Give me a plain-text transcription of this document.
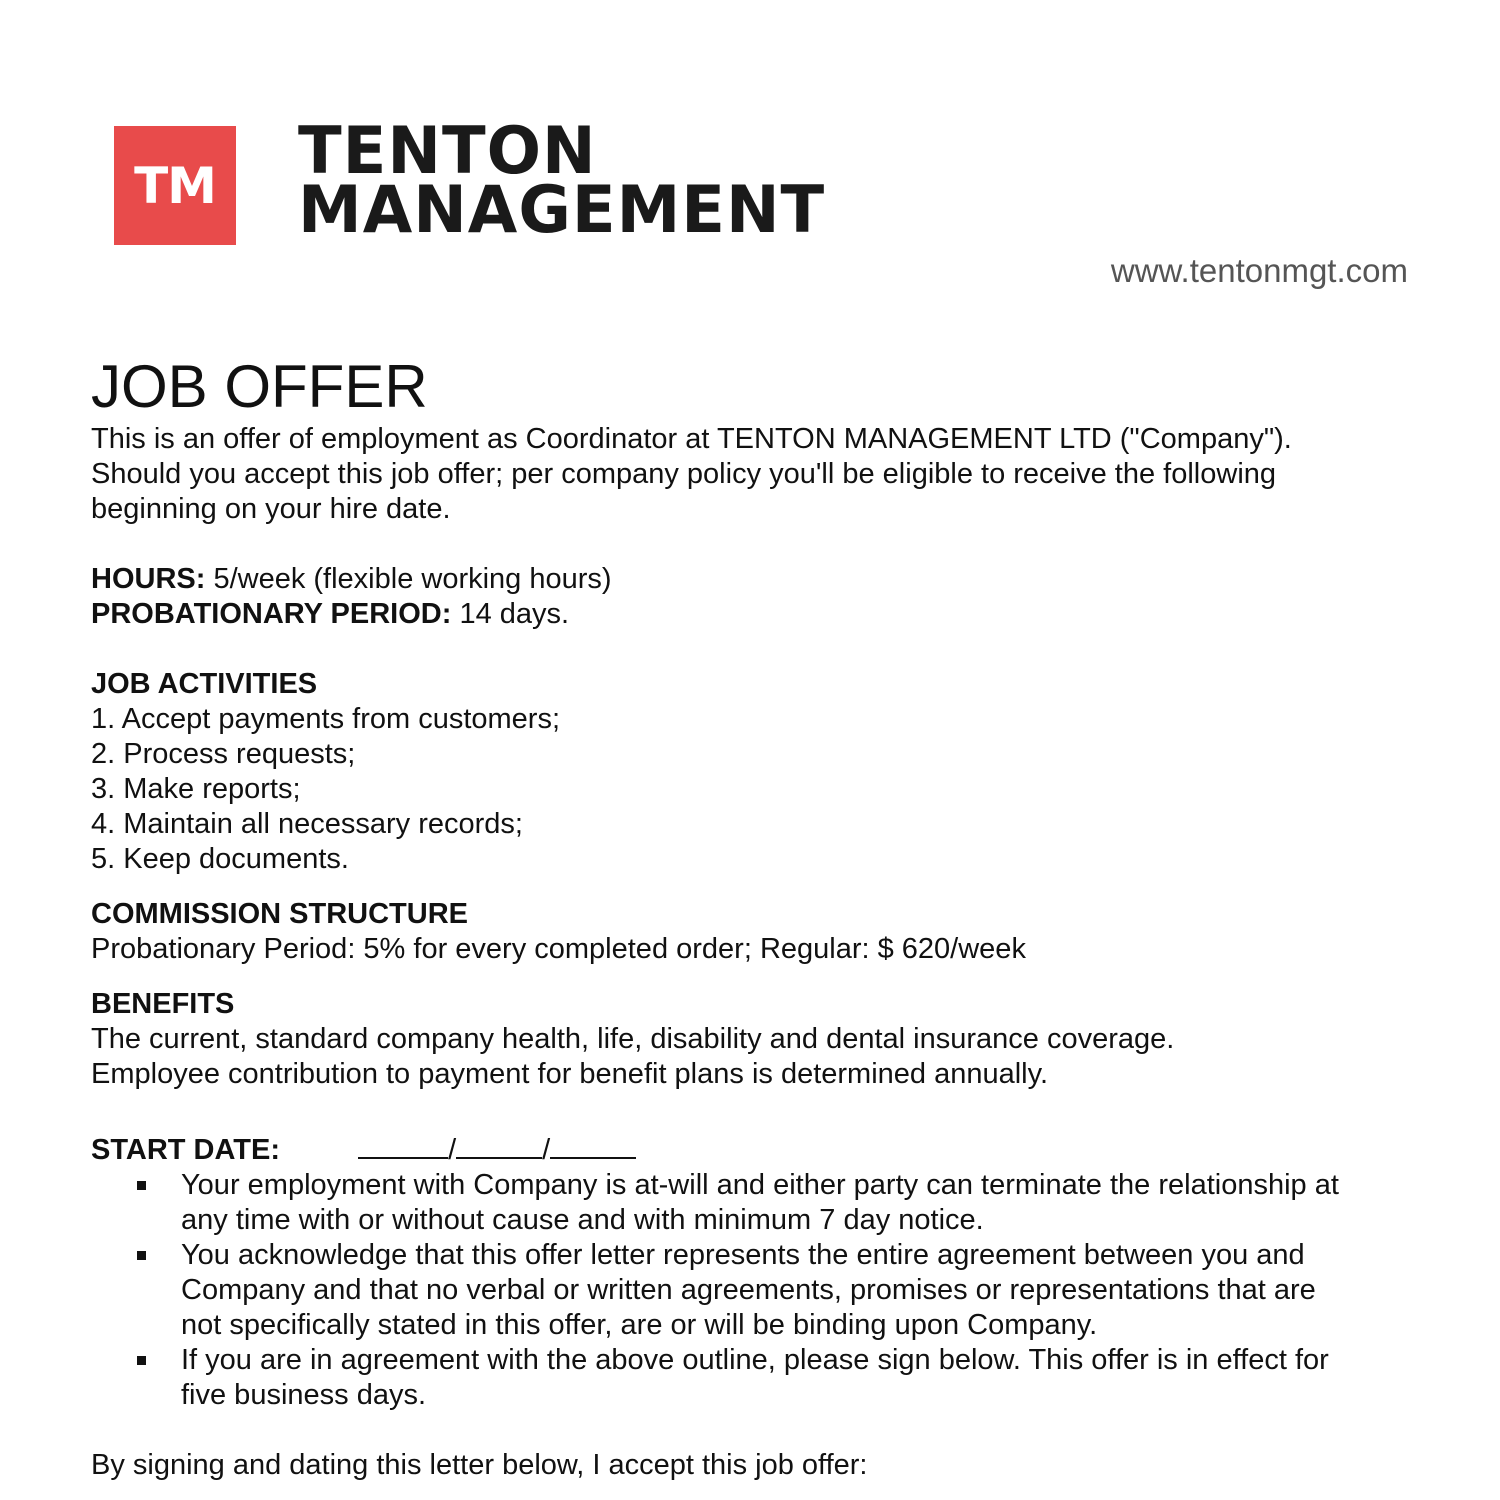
TM TENTON
MANAGEMENT
www.tentonmgt.com
JOB OFFER

This is an offer of employment as Coordinator at TENTON MANAGEMENT LTD ("Company").

Should you accept this job offer; per company policy you'll be eligible to receive the following

beginning on your hire date.

HOURS: 5/week (flexible working hours)

PROBATIONARY PERIOD: 14 days.

JOB ACTIVITIES

1. Accept payments from customers;
2. Process requests;
3. Make reports;
4. Maintain all necessary records;
5. Keep documents.

COMMISSION STRUCTURE

Probationary Period: 5% for every completed order; Regular: $ 620/week

BENEFITS

The current, standard company health, life, disability and dental insurance coverage.

Employee contribution to payment for benefit plans is determined annually.

START DATE:	/	/

Your employment with Company is at-will and either party can terminate the relationship at

any time with or without cause and with minimum 7 day notice.

You acknowledge that this offer letter represents the entire agreement between you and

Company and that no verbal or written agreements, promises or representations that are

not specifically stated in this offer, are or will be binding upon Company.

If you are in agreement with the above outline, please sign below. This offer is in effect for

five business days.

By signing and dating this letter below, I accept this job offer:
